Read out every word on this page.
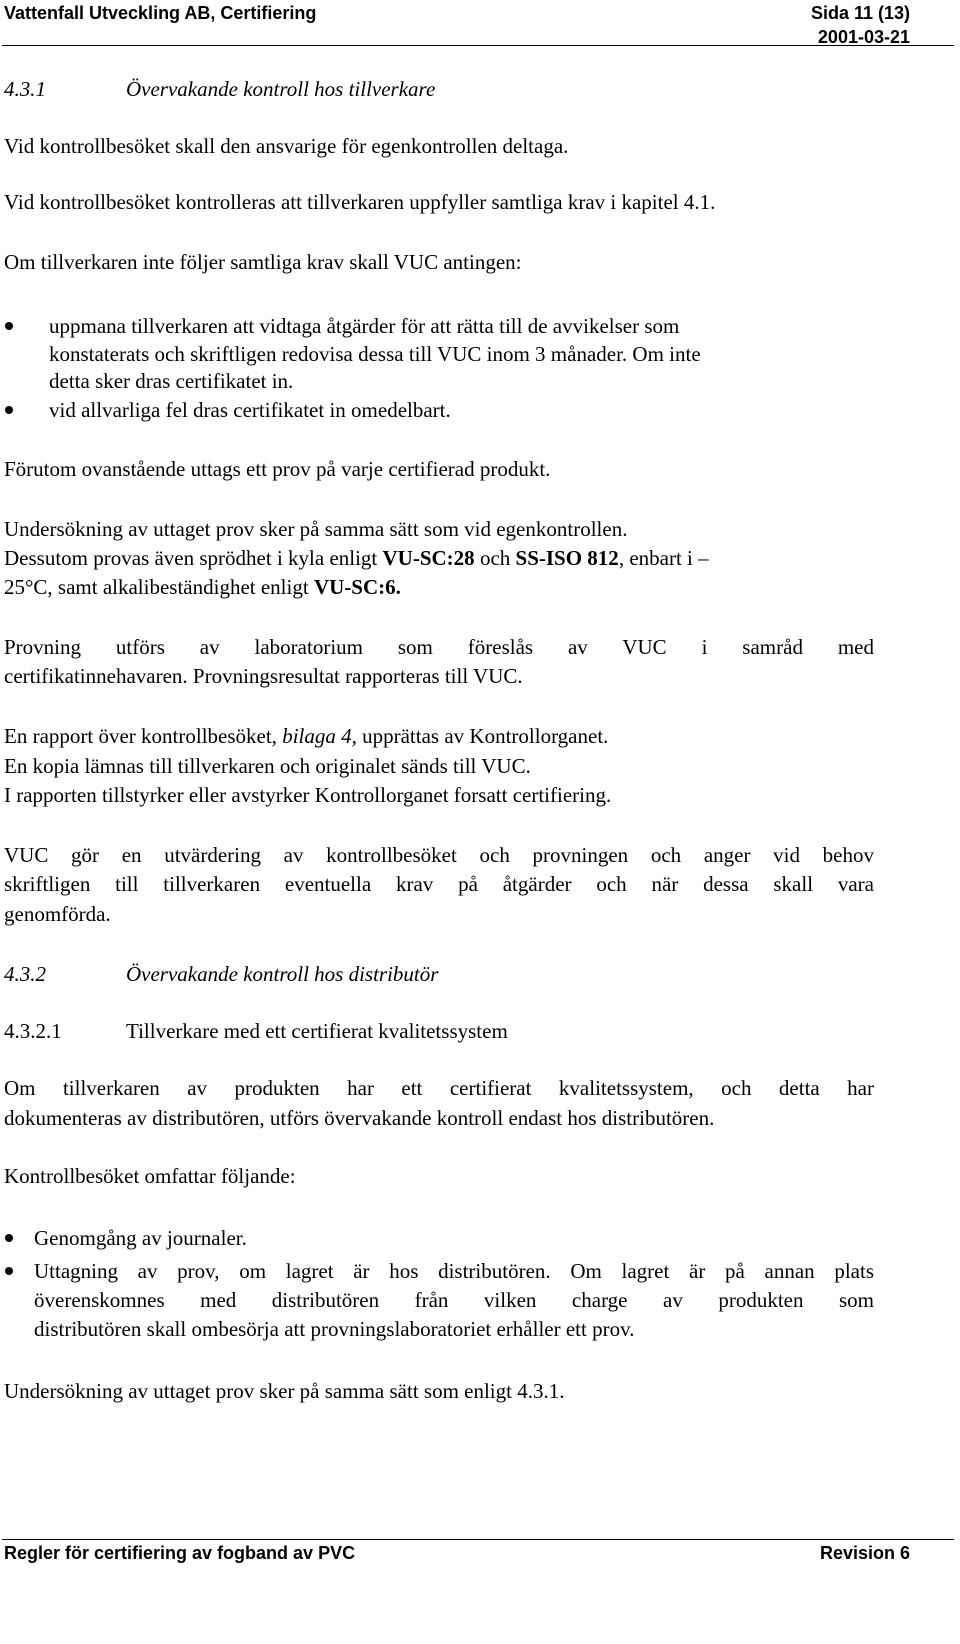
Vattenfall Utveckling AB, Certifiering	Sida 11 (13)
2001-03-21
4.3.1	Övervakande kontroll hos tillverkare
Vid kontrollbesöket skall den ansvarige för egenkontrollen deltaga.
Vid kontrollbesöket kontrolleras att tillverkaren uppfyller samtliga krav i kapitel 4.1.
Om tillverkaren inte följer samtliga krav skall VUC antingen:
uppmana tillverkaren att vidtaga åtgärder för att rätta till de avvikelser som
konstaterats och skriftligen redovisa dessa till VUC inom 3 månader. Om inte
detta sker dras certifikatet in.
vid allvarliga fel dras certifikatet in omedelbart.
Förutom ovanstående uttags ett prov på varje certifierad produkt.
Undersökning av uttaget prov sker på samma sätt som vid egenkontrollen.
Dessutom provas även sprödhet i kyla enligt VU-SC:28 och SS-ISO 812, enbart i –
25°C, samt alkalibeständighet enligt VU-SC:6.
Provning utförs av laboratorium som föreslås av VUC i samråd med
certifikatinnehavaren. Provningsresultat rapporteras till VUC.
En rapport över kontrollbesöket, bilaga 4, upprättas av Kontrollorganet.
En kopia lämnas till tillverkaren och originalet sänds till VUC.
I rapporten tillstyrker eller avstyrker Kontrollorganet forsatt certifiering.
VUC gör en utvärdering av kontrollbesöket och provningen och anger vid behov
skriftligen till tillverkaren eventuella krav på åtgärder och när dessa skall vara
genomförda.
4.3.2	Övervakande kontroll hos distributör
4.3.2.1	Tillverkare med ett certifierat kvalitetssystem
Om tillverkaren av produkten har ett certifierat kvalitetssystem, och detta har
dokumenteras av distributören, utförs övervakande kontroll endast hos distributören.
Kontrollbesöket omfattar följande:
Genomgång av journaler.
Uttagning av prov, om lagret är hos distributören. Om lagret är på annan plats
överenskomnes med distributören från vilken charge av produkten som
distributören skall ombesörja att provningslaboratoriet erhåller ett prov.
Undersökning av uttaget prov sker på samma sätt som enligt 4.3.1.
Regler för certifiering av fogband av PVC	Revision 6
